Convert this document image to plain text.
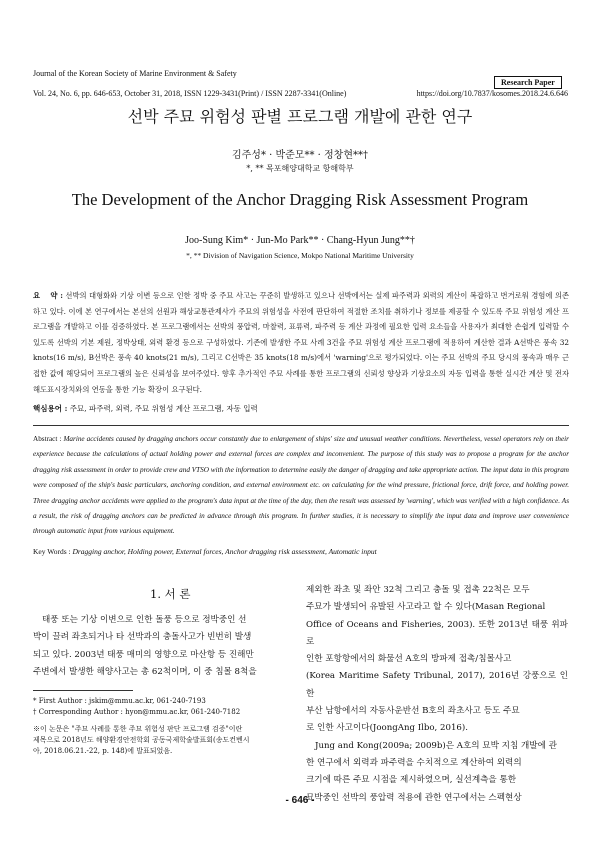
Journal of the Korean Society of Marine Environment & Safety
Research Paper
Vol. 24, No. 6, pp. 646-653, October 31, 2018, ISSN 1229-3431(Print) / ISSN 2287-3341(Online)	https://doi.org/10.7837/kosomes.2018.24.6.646
선박 주묘 위험성 판별 프로그램 개발에 관한 연구
김주성* · 박준모** · 정창현**†
*, ** 목포해양대학교 항해학부
The Development of the Anchor Dragging Risk Assessment Program
Joo-Sung Kim* · Jun-Mo Park** · Chang-Hyun Jung**†
*, ** Division of Navigation Science, Mokpo National Maritime University
요　 약 : 선박의 대형화와 기상 이변 등으로 인한 정박 중 주묘 사고는 꾸준히 발생하고 있으나 선박에서는 실제 파주력과 외력의 계산이 복잡하고 번거로워 경험에 의존하고 있다. 이에 본 연구에서는 본선의 선원과 해상교통관제사가 주묘의 위험성을 사전에 판단하여 적절한 조치를 취하기나 정보를 제공할 수 있도록 주묘 위험성 계산 프로그램을 개발하고 이를 검증하였다. 본 프로그램에서는 선박의 풍압력, 마찰력, 표류력, 파주력 등 계산 과정에 필요한 입력 요소들을 사용자가 최대한 손쉽게 입력할 수 있도록 선박의 기본 제원, 정박상태, 외력 환경 등으로 구성하였다. 기존에 발생한 주묘 사례 3건을 주묘 위험성 계산 프로그램에 적용하여 계산한 결과 A선박은 풍속 32 knots(16 m/s), B선박은 풍속 40 knots(21 m/s), 그리고 C선박은 35 knots(18 m/s)에서 'warning'으로 평가되었다. 이는 주묘 선박의 주묘 당시의 풍속과 매우 근접한 값에 해당되어 프로그램의 높은 신뢰성을 보여주었다. 향후 추가적인 주묘 사례를 통한 프로그램의 신뢰성 향상과 기상요소의 자동 입력을 통한 실시간 계산 및 전자해도표시장치와의 연동을 통한 기능 확장이 요구된다.
핵심용어 : 주묘, 파주력, 외력, 주묘 위험성 계산 프로그램, 자동 입력
Abstract : Marine accidents caused by dragging anchors occur constantly due to enlargement of ships' size and unusual weather conditions. Nevertheless, vessel operators rely on their experience because the calculations of actual holding power and external forces are complex and inconvenient. The purpose of this study was to propose a program for the anchor dragging risk assessment in order to provide crew and VTSO with the information to determine easily the danger of dragging and take appropriate action. The input data in this program were composed of the ship's basic particulars, anchoring condition, and external environment etc. on calculating for the wind pressure, frictional force, drift force, and holding power. Three dragging anchor accidents were applied to the program's data input at the time of the day, then the result was assessed by 'warning', which was verified with a high confidence. As a result, the risk of dragging anchors can be predicted in advance through this program. In further studies, it is necessary to simplify the input data and improve user convenience through automatic input from various equipment.
Key Words : Dragging anchor, Holding power, External forces, Anchor dragging risk assessment, Automatic input
1. 서 론
태풍 또는 기상 이변으로 인한 돌풍 등으로 정박중인 선
박이 끌려 좌초되거나 타 선박과의 충돌사고가 빈번히 발생
되고 있다. 2003년 태풍 매미의 영향으로 마산항 등 진해만
주변에서 발생한 해양사고는 총 62척이며, 이 중 침몰 8척을
* First Author : jskim@mmu.ac.kr, 061-240-7193
† Corresponding Author : hyon@mmu.ac.kr, 061-240-7182
※이 논문은 "주묘 사례를 통한 주묘 위험성 판단 프로그램 검증"이란
제목으로 2018년도 해양환경안전학회 공동국제학술발표회(송도컨벤시
아, 2018.06.21.-22, p. 148)에 발표되었음.
제외한 좌초 및 좌안 32척 그리고 충돌 및 접촉 22척은 모두
주묘가 발생되어 유발된 사고라고 할 수 있다(Masan Regional
Office of Oceans and Fisheries, 2003). 또한 2013년 태풍 위파로
인한 포항항에서의 화물선 A호의 방파제 접촉/침몰사고
(Korea Maritime Safety Tribunal, 2017), 2016년 강풍으로 인한
부산 남항에서의 자동사운반선 B호의 좌초사고 등도 주묘
로 인한 사고이다(JoongAng Ilbo, 2016).
Jung and Kong(2009a; 2009b)은 A호의 묘박 지침 개발에 관
한 연구에서 외력과 파주력을 수치적으로 계산하여 외력의
크기에 따른 주묘 시점을 제시하였으며, 실선계측을 통한
묘박중인 선박의 풍압력 적용에 관한 연구에서는 스펙현상
- 646 -
